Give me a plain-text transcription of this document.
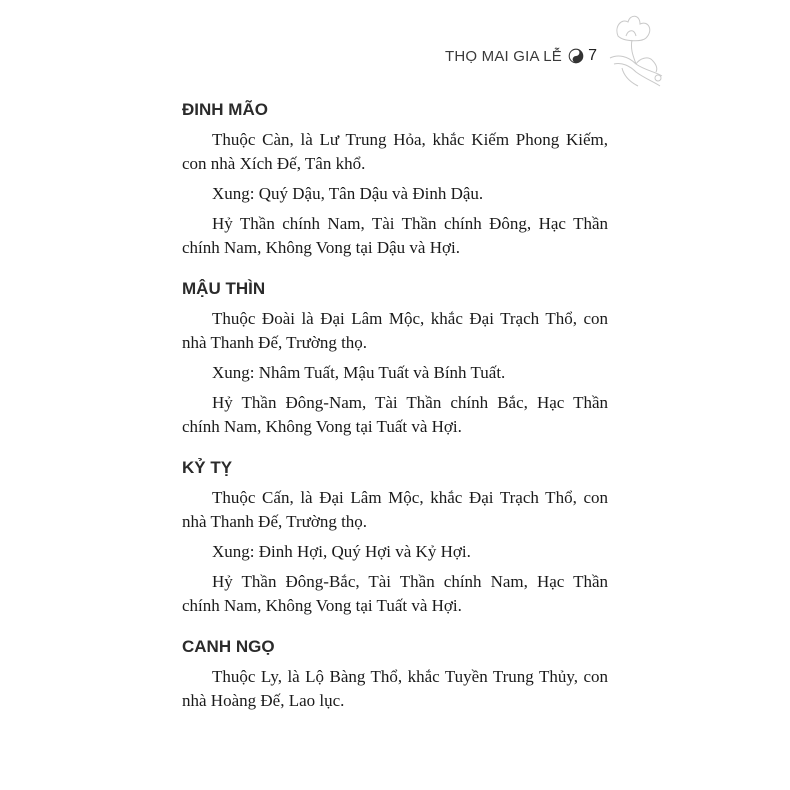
THỌ MAI GIA LỄ 7
ĐINH MÃO

Thuộc Càn, là Lư Trung Hỏa, khắc Kiếm Phong Kiếm, con nhà Xích Đế, Tân khổ.

Xung: Quý Dậu, Tân Dậu và Đinh Dậu.

Hỷ Thần chính Nam, Tài Thần chính Đông, Hạc Thần chính Nam, Không Vong tại Dậu và Hợi.

MẬU THÌN

Thuộc Đoài là Đại Lâm Mộc, khắc Đại Trạch Thổ, con nhà Thanh Đế, Trường thọ.

Xung: Nhâm Tuất, Mậu Tuất và Bính Tuất.

Hỷ Thần Đông-Nam, Tài Thần chính Bắc, Hạc Thần chính Nam, Không Vong tại Tuất và Hợi.

KỶ TỴ

Thuộc Cấn, là Đại Lâm Mộc, khắc Đại Trạch Thổ, con nhà Thanh Đế, Trường thọ.

Xung: Đinh Hợi, Quý Hợi và Kỷ Hợi.

Hỷ Thần Đông-Bắc, Tài Thần chính Nam, Hạc Thần chính Nam, Không Vong tại Tuất và Hợi.

CANH NGỌ

Thuộc Ly, là Lộ Bàng Thổ, khắc Tuyền Trung Thủy, con nhà Hoàng Đế, Lao lục.
